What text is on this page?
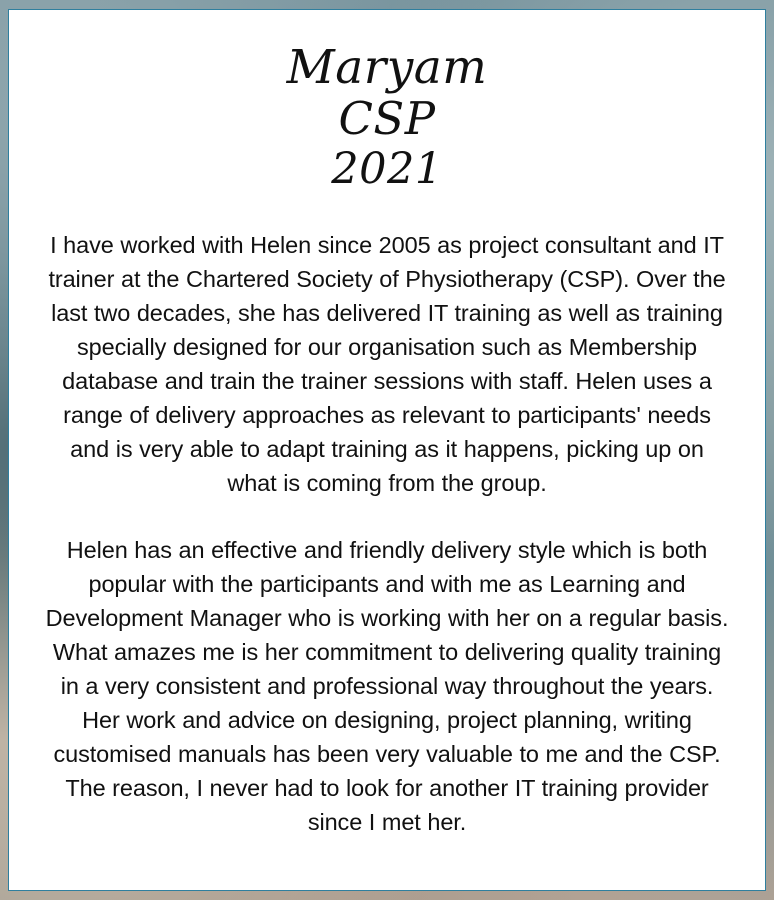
Maryam
CSP
2021

I have worked with Helen since 2005 as project consultant and IT trainer at the Chartered Society of Physiotherapy (CSP). Over the last two decades, she has delivered IT training as well as training specially designed for our organisation such as Membership database and train the trainer sessions with staff. Helen uses a range of delivery approaches as relevant to participants' needs and is very able to adapt training as it happens, picking up on what is coming from the group.

Helen has an effective and friendly delivery style which is both popular with the participants and with me as Learning and Development Manager who is working with her on a regular basis. What amazes me is her commitment to delivering quality training in a very consistent and professional way throughout the years. Her work and advice on designing, project planning, writing customised manuals has been very valuable to me and the CSP. The reason, I never had to look for another IT training provider since I met her.
